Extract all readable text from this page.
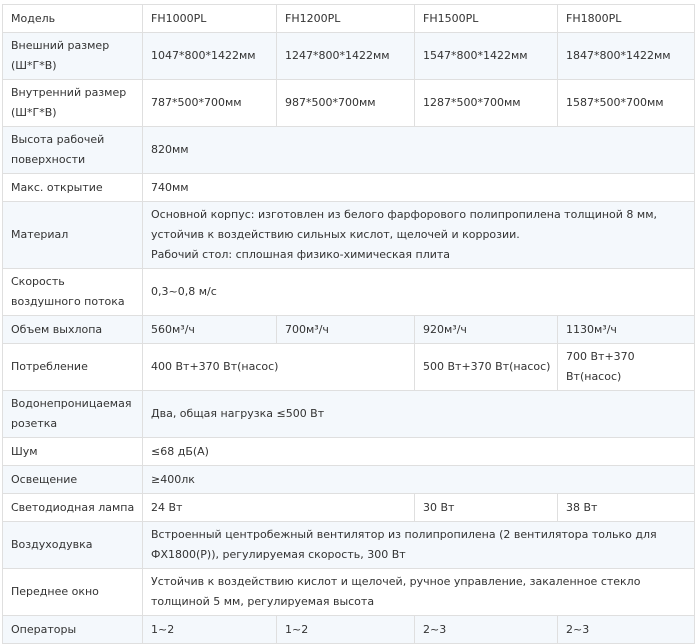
Модель	FH1000PL	FH1200PL	FH1500PL	FH1800PL
Внешний размер (Ш*Г*В)	1047*800*1422мм	1247*800*1422мм	1547*800*1422мм	1847*800*1422мм
Внутренний размер (Ш*Г*В)	787*500*700мм	987*500*700мм	1287*500*700мм	1587*500*700мм
Высота рабочей поверхности	820мм			
Макс. открытие	740мм			
Материал	Основной корпус: изготовлен из белого фарфорового полипропилена толщиной 8 мм, устойчив к воздействию сильных кислот, щелочей и коррозии.
Рабочий стол: сплошная физико-химическая плита			

Скорость воздушного потока	0,3~0,8 м/с			
Объем выхлопа	560м³/ч	700м³/ч	920м³/ч	1130м³/ч
Потребление	400 Вт+370 Вт(насос)		500 Вт+370 Вт(насос)	700 Вт+370 Вт(насос)
Водонепроницаемая розетка	Два, общая нагрузка ≤500 Вт			
Шум	≤68 дБ(А)			
Освещение	≥400лк			
Светодиодная лампа	24 Вт		30 Вт	38 Вт
Воздуходувка	Встроенный центробежный вентилятор из полипропилена (2 вентилятора только для ФХ1800(Р)), регулируемая скорость, 300 Вт			
Переднее окно	Устойчив к воздействию кислот и щелочей, ручное управление, закаленное стекло толщиной 5 мм, регулируемая высота			
Операторы	1~2	1~2	2~3	2~3
